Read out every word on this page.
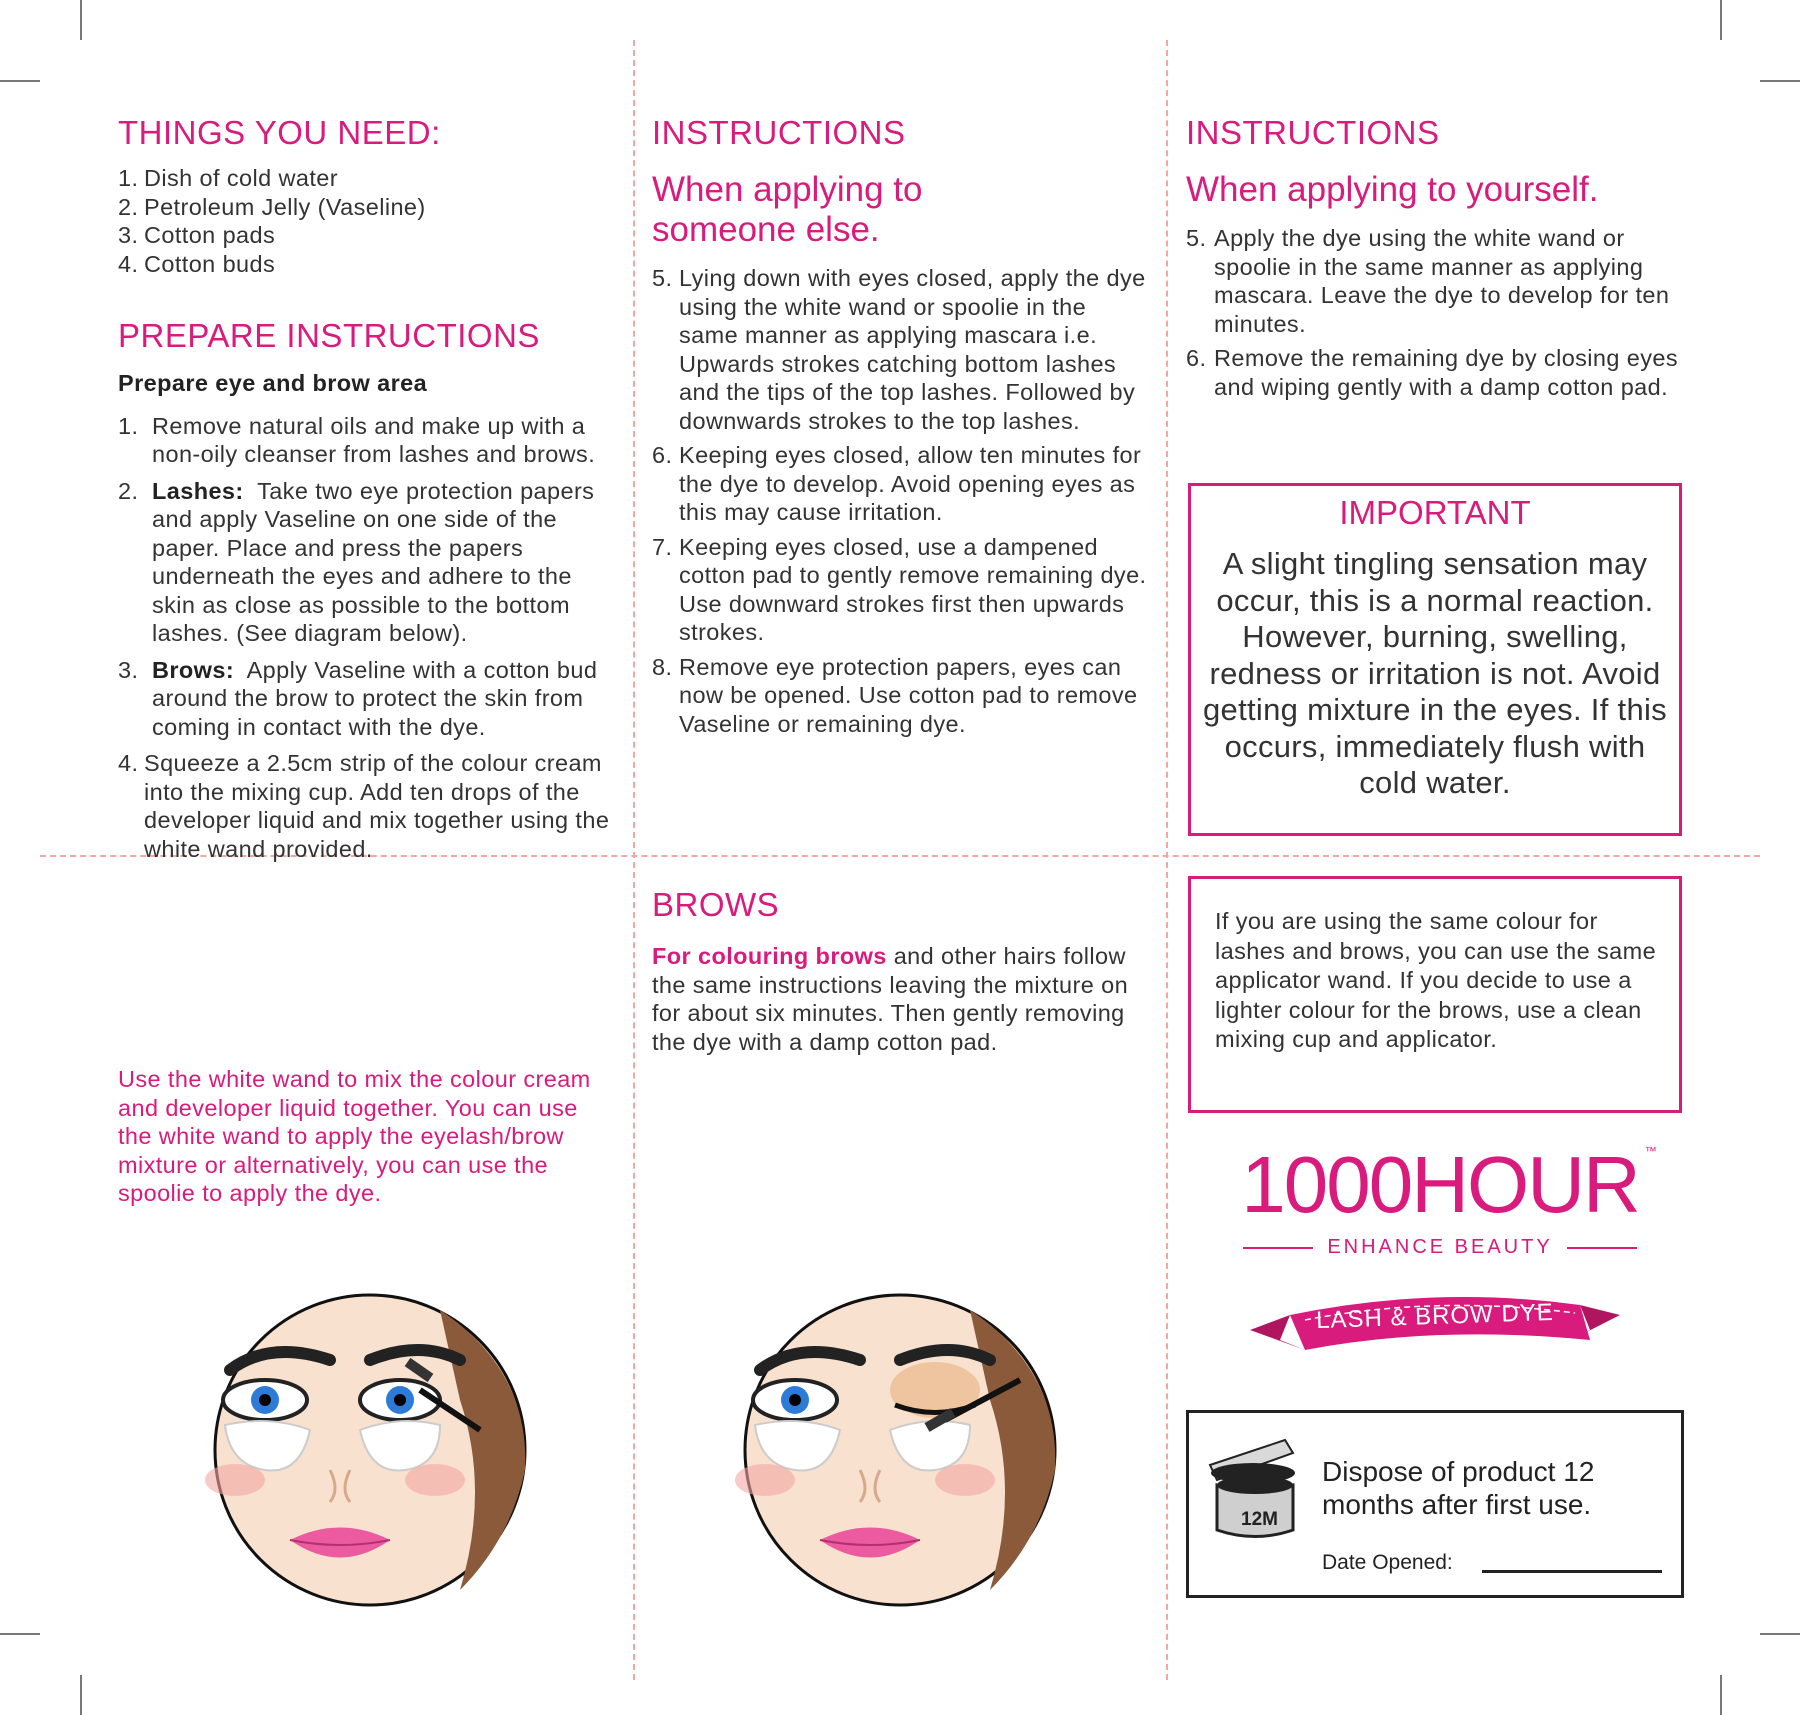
THINGS YOU NEED:
1. Dish of cold water
2. Petroleum Jelly (Vaseline)
3. Cotton pads
4. Cotton buds
PREPARE INSTRUCTIONS
Prepare eye and brow area
1. Remove natural oils and make up with a non-oily cleanser from lashes and brows.
2. Lashes: Take two eye protection papers and apply Vaseline on one side of the paper. Place and press the papers underneath the eyes and adhere to the skin as close as possible to the bottom lashes. (See diagram below).
3. Brows: Apply Vaseline with a cotton bud around the brow to protect the skin from coming in contact with the dye.
4. Squeeze a 2.5cm strip of the colour cream into the mixing cup. Add ten drops of the developer liquid and mix together using the white wand provided.
Use the white wand to mix the colour cream and developer liquid together. You can use the white wand to apply the eyelash/brow mixture or alternatively, you can use the spoolie to apply the dye.
INSTRUCTIONS
When applying to
someone else.
5. Lying down with eyes closed, apply the dye using the white wand or spoolie in the same manner as applying mascara i.e. Upwards strokes catching bottom lashes and the tips of the top lashes. Followed by downwards strokes to the top lashes.
6. Keeping eyes closed, allow ten minutes for the dye to develop. Avoid opening eyes as this may cause irritation.
7. Keeping eyes closed, use a dampened cotton pad to gently remove remaining dye. Use downward strokes first then upwards strokes.
8. Remove eye protection papers, eyes can now be opened. Use cotton pad to remove Vaseline or remaining dye.
BROWS
For colouring brows and other hairs follow the same instructions leaving the mixture on for about six minutes. Then gently removing the dye with a damp cotton pad.
INSTRUCTIONS
When applying to yourself.
5. Apply the dye using the white wand or spoolie in the same manner as applying mascara. Leave the dye to develop for ten minutes.
6. Remove the remaining dye by closing eyes and wiping gently with a damp cotton pad.
IMPORTANT
A slight tingling sensation may occur, this is a normal reaction. However, burning, swelling, redness or irritation is not. Avoid getting mixture in the eyes. If this occurs, immediately flush with cold water.
If you are using the same colour for lashes and brows, you can use the same applicator wand. If you decide to use a lighter colour for the brows, use a clean mixing cup and applicator.
1000HOUR ™
ENHANCE BEAUTY
LASH & BROW DYE
12M
Dispose of product 12 months after first use.
Date Opened:
